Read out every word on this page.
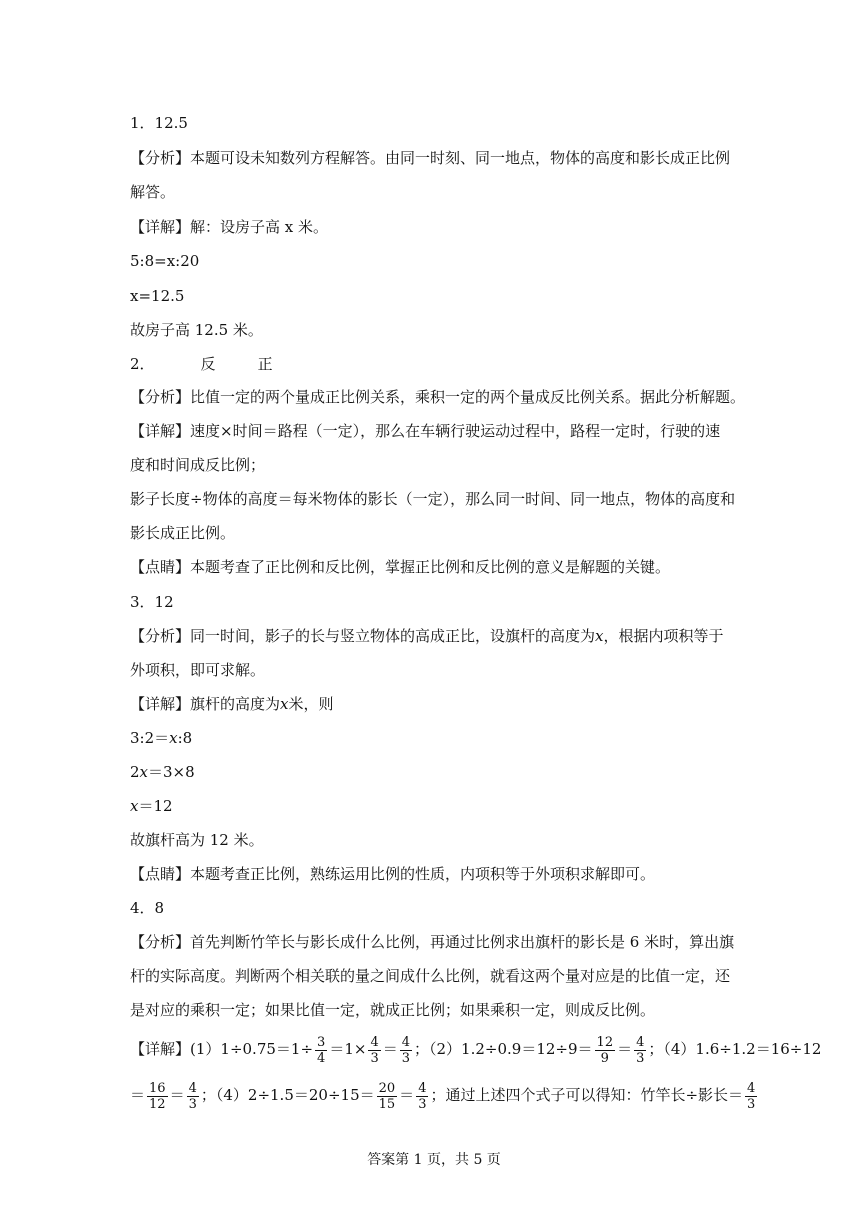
1．12.5
【分析】本题可设未知数列方程解答。由同一时刻、同一地点，物体的高度和影长成正比例
解答。
【详解】解：设房子高 x 米。
5:8=x:20
x=12.5
故房子高 12.5 米。
2．	反	正
【分析】比值一定的两个量成正比例关系，乘积一定的两个量成反比例关系。据此分析解题。
【详解】速度×时间＝路程（一定），那么在车辆行驶运动过程中，路程一定时，行驶的速
度和时间成反比例；
影子长度÷物体的高度＝每米物体的影长（一定），那么同一时间、同一地点，物体的高度和
影长成正比例。
【点睛】本题考查了正比例和反比例，掌握正比例和反比例的意义是解题的关键。
3．12
【分析】同一时间，影子的长与竖立物体的高成正比，设旗杆的高度为x，根据内项积等于
外项积，即可求解。
【详解】旗杆的高度为x米，则
3:2＝x:8
2x＝3×8
x＝12
故旗杆高为 12 米。
【点睛】本题考查正比例，熟练运用比例的性质，内项积等于外项积求解即可。
4．8
【分析】首先判断竹竿长与影长成什么比例，再通过比例求出旗杆的影长是 6 米时，算出旗
杆的实际高度。判断两个相关联的量之间成什么比例，就看这两个量对应是的比值一定，还
是对应的乘积一定；如果比值一定，就成正比例；如果乘积一定，则成反比例。
【详解】$(1)1\div 0.75=1\div \frac{3}{4} =1\times \frac{4}{3} = \frac{4}{3}$ ；$(2)1.2\div 0.9=12\div 9= \frac{12}{9} = \frac{4}{3}$ ；（4）1.6÷1.2＝16÷12
＝ $\frac{16}{12} = \frac{4}{3}$ ；$(4)2\div 1.5=20\div 15= \frac{20}{15} = \frac{4}{3}$ ；通过上述四个式子可以得知：竹竿长÷影长＝ $\frac{4}{3}$
答案第 1 页，共 5 页
